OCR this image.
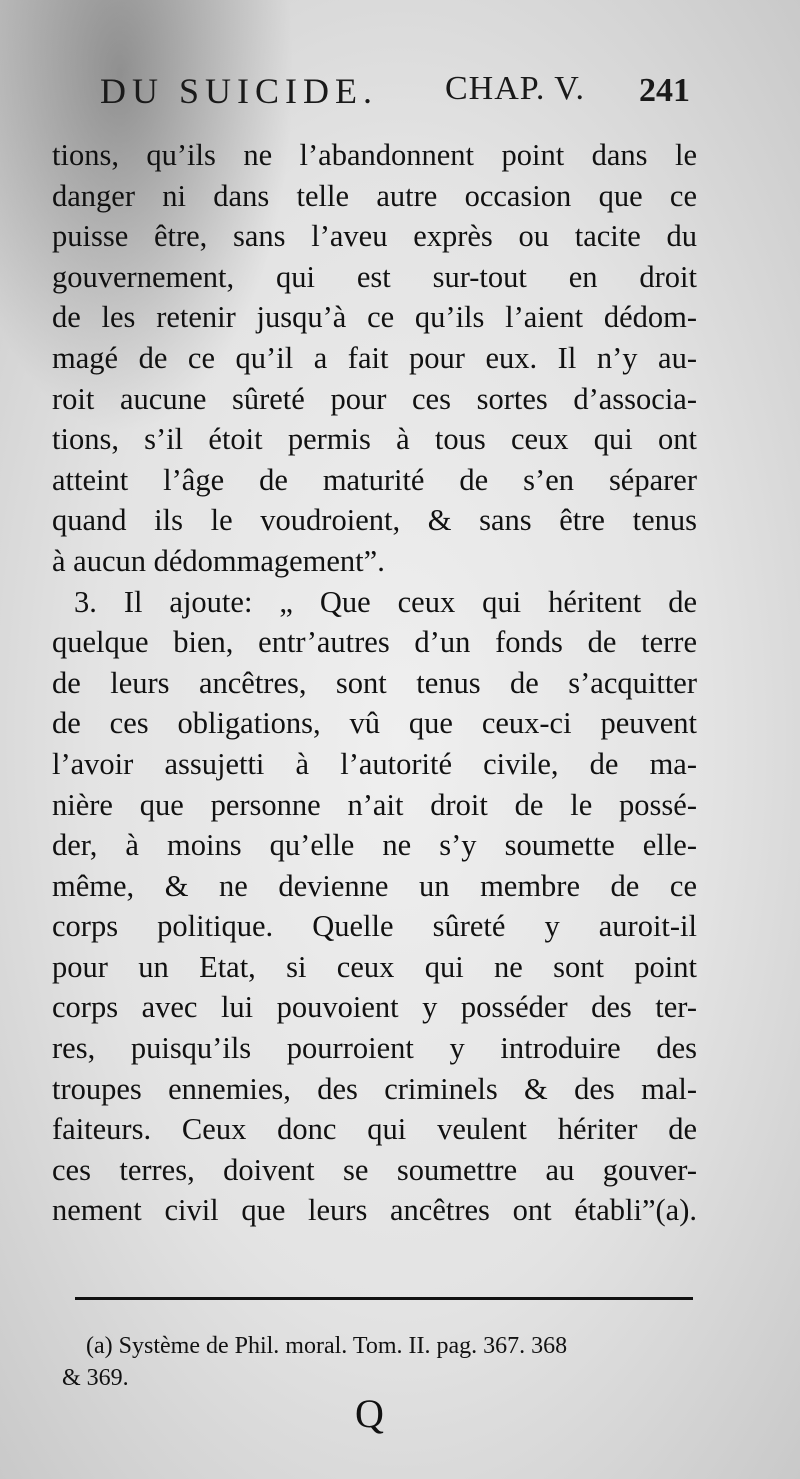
DU SUICIDE. CHAP. V. 241
tions, qu’ils ne l’abandonnent point dans le
danger ni dans telle autre occasion que ce
puisse être, sans l’aveu exprès ou tacite du
gouvernement, qui est sur-tout en droit
de les retenir jusqu’à ce qu’ils l’aient dédom-
magé de ce qu’il a fait pour eux. Il n’y au-
roit aucune sûreté pour ces sortes d’associa-
tions, s’il étoit permis à tous ceux qui ont
atteint l’âge de maturité de s’en séparer
quand ils le voudroient, & sans être tenus
à aucun dédommagement”.
3. Il ajoute: „ Que ceux qui héritent de
quelque bien, entr’autres d’un fonds de terre
de leurs ancêtres, sont tenus de s’acquitter
de ces obligations, vû que ceux-ci peuvent
l’avoir assujetti à l’autorité civile, de ma-
nière que personne n’ait droit de le possé-
der, à moins qu’elle ne s’y soumette elle-
même, & ne devienne un membre de ce
corps politique. Quelle sûreté y auroit-il
pour un Etat, si ceux qui ne sont point
corps avec lui pouvoient y posséder des ter-
res, puisqu’ils pourroient y introduire des
troupes ennemies, des criminels & des mal-
faiteurs. Ceux donc qui veulent hériter de
ces terres, doivent se soumettre au gouver-
nement civil que leurs ancêtres ont établi”(a).
(a) Système de Phil. moral. Tom. II. pag. 367. 368
& 369.
Q
